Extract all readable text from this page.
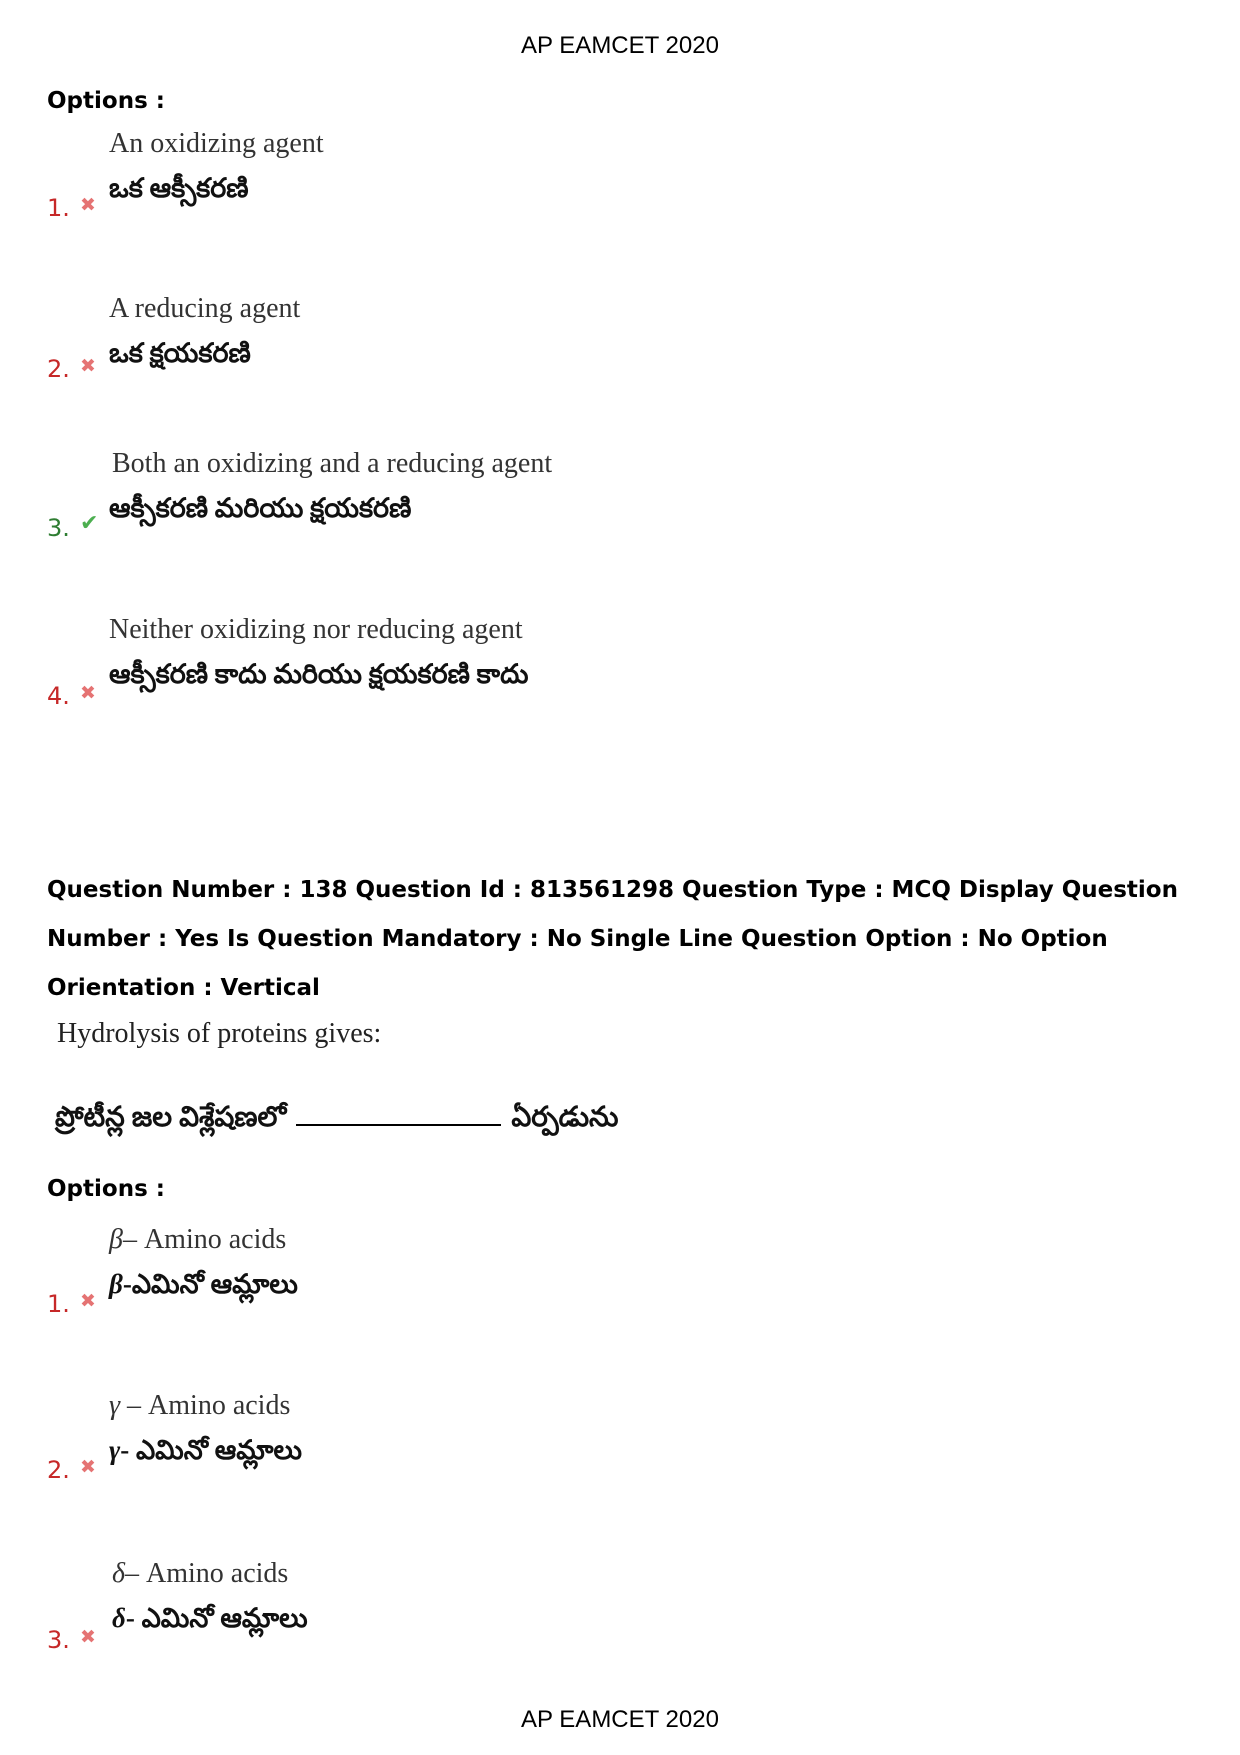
AP EAMCET 2020
Options :
An oxidizing agent
ఒక ఆక్సీకరణి
1. ✖
A reducing agent
ఒక క్షయకరణి
2. ✖
Both an oxidizing and a reducing agent
ఆక్సీకరణి మరియు క్షయకరణి
3. ✔
Neither oxidizing nor reducing agent
ఆక్సీకరణి కాదు మరియు క్షయకరణి కాదు
4. ✖
Question Number : 138 Question Id : 813561298 Question Type : MCQ Display Question Number : Yes Is Question Mandatory : No Single Line Question Option : No Option Orientation : Vertical
Hydrolysis of proteins gives:
ప్రోటీన్ల జల విశ్లేషణలో	ఏర్పడును
Options :
β– Amino acids
β-ఎమినో ఆమ్లాలు
1. ✖
γ – Amino acids
γ- ఎమినో ఆమ్లాలు
2. ✖
δ– Amino acids
δ- ఎమినో ఆమ్లాలు
3. ✖
AP EAMCET 2020
